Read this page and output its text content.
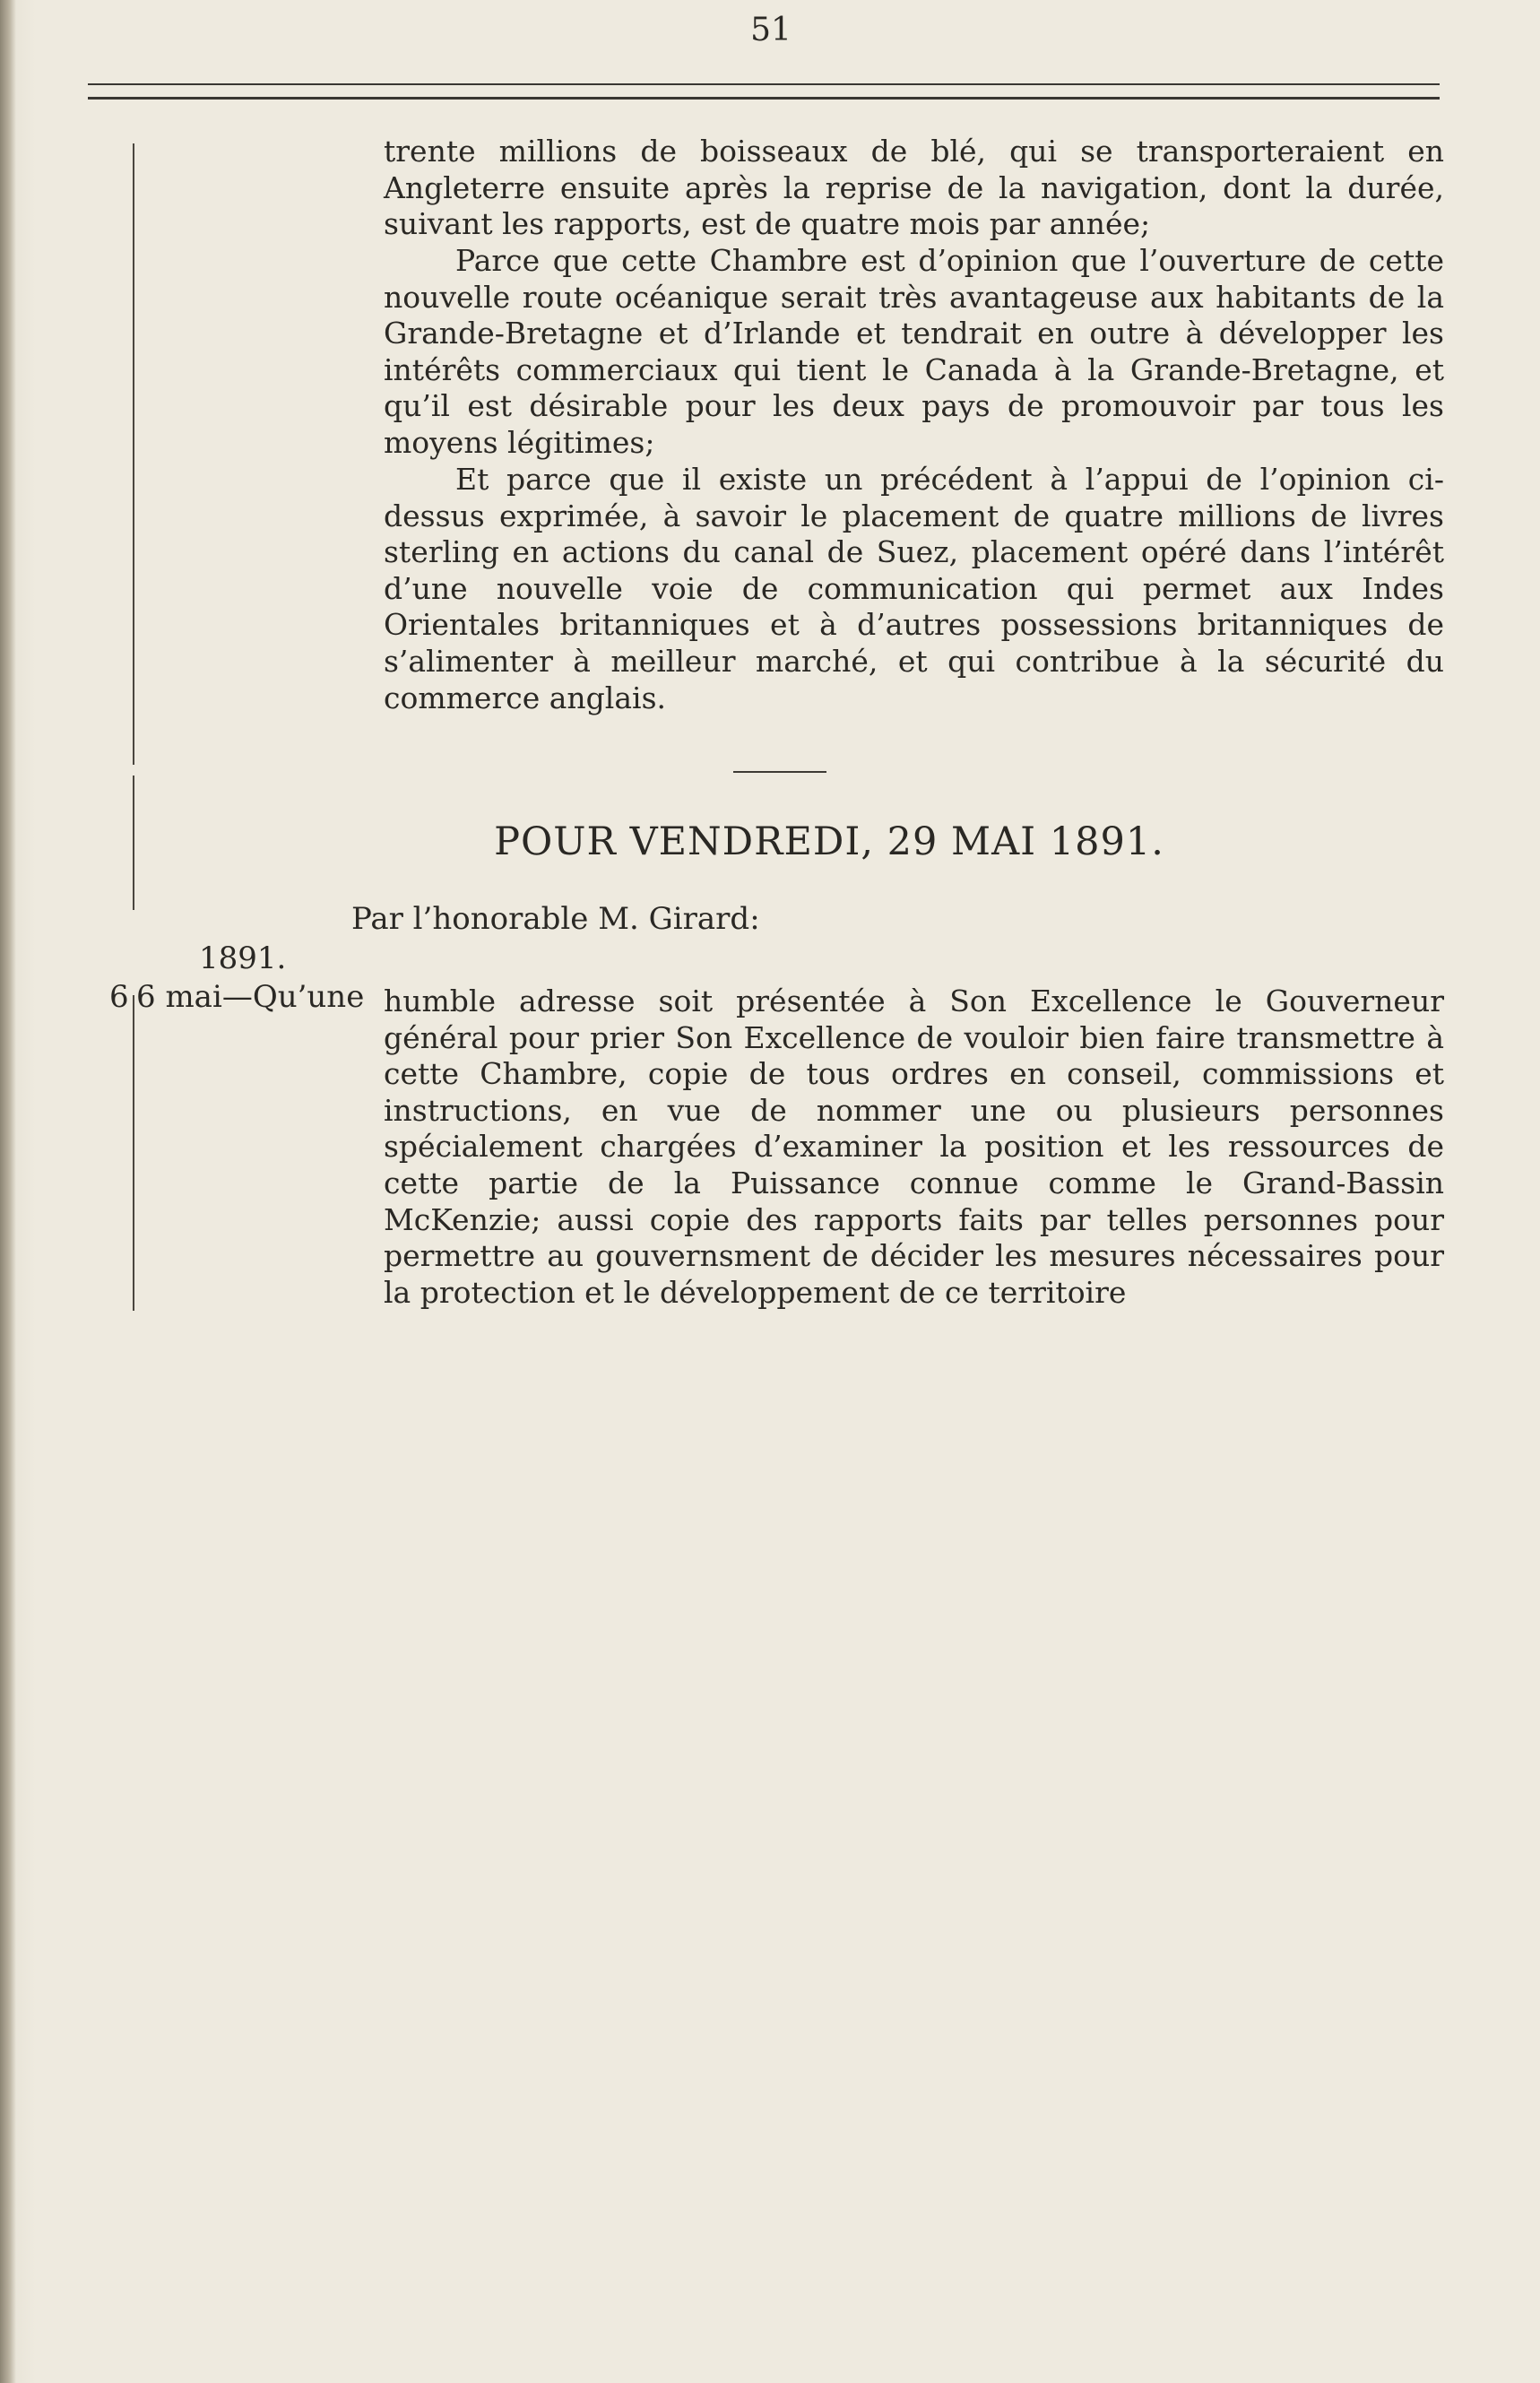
51

trente millions de boisseaux de blé, qui se transporteraient en Angleterre ensuite après la reprise de la navigation, dont la durée, suivant les rapports, est de quatre mois par année;

Parce que cette Chambre est d’opinion que l’ouverture de cette nouvelle route océanique serait très avantageuse aux habitants de la Grande-Bretagne et d’Irlande et tendrait en outre à développer les intérêts commerciaux qui tient le Canada à la Grande-Bretagne, et qu’il est désirable pour les deux pays de promouvoir par tous les moyens légitimes;

Et parce que il existe un précédent à l’appui de l’opinion ci-dessus exprimée, à savoir le placement de quatre millions de livres sterling en actions du canal de Suez, placement opéré dans l’intérêt d’une nouvelle voie de communication qui permet aux Indes Orientales britanniques et à d’autres possessions britanniques de s’alimenter à meilleur marché, et qui contribue à la sécurité du commerce anglais.

POUR VENDREDI, 29 MAI 1891.
Par l’honorable M. Girard:
1891.
6 6 mai—Qu’une humble adresse soit présentée à Son Excellence le Gouverneur général pour prier Son Excellence de vouloir bien faire transmettre à cette Chambre, copie de tous ordres en conseil, commissions et instructions, en vue de nommer une ou plusieurs personnes spécialement chargées d’examiner la position et les ressources de cette partie de la Puissance connue comme le Grand-Bassin McKenzie; aussi copie des rapports faits par telles personnes pour permettre au gouvernsment de décider les mesures nécessaires pour la protection et le développement de ce territoire
